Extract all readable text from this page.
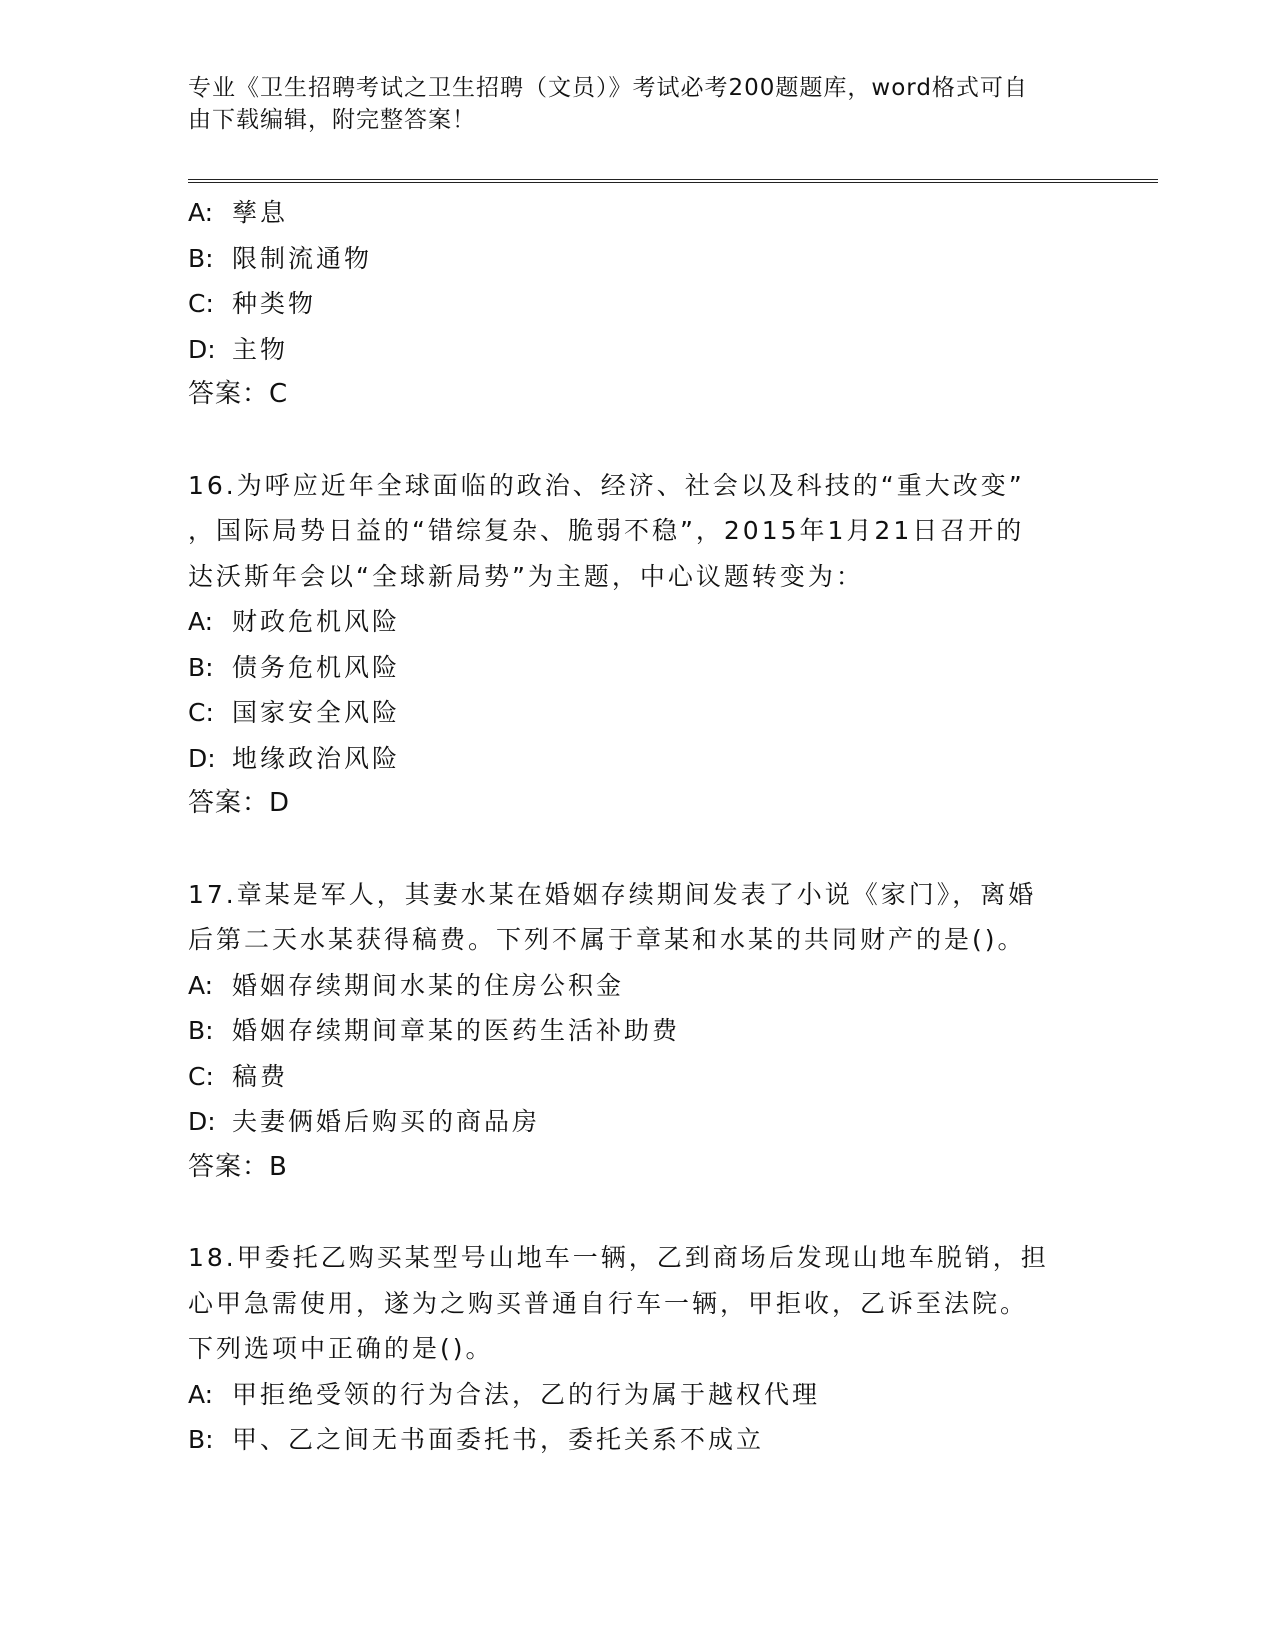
专业《卫生招聘考试之卫生招聘（文员）》考试必考200题题库，word格式可自
由下载编辑，附完整答案！
A: 孳息
B: 限制流通物
C: 种类物
D: 主物
答案：C
16.为呼应近年全球面临的政治、经济、社会以及科技的“重大改变”
，国际局势日益的“错综复杂、脆弱不稳”，2015年1月21日召开的
达沃斯年会以“全球新局势”为主题，中心议题转变为：
A: 财政危机风险
B: 债务危机风险
C: 国家安全风险
D: 地缘政治风险
答案：D
17.章某是军人，其妻水某在婚姻存续期间发表了小说《家门》，离婚
后第二天水某获得稿费。下列不属于章某和水某的共同财产的是()。
A: 婚姻存续期间水某的住房公积金
B: 婚姻存续期间章某的医药生活补助费
C: 稿费
D: 夫妻俩婚后购买的商品房
答案：B
18.甲委托乙购买某型号山地车一辆，乙到商场后发现山地车脱销，担
心甲急需使用，遂为之购买普通自行车一辆，甲拒收，乙诉至法院。
下列选项中正确的是()。
A: 甲拒绝受领的行为合法，乙的行为属于越权代理
B: 甲、乙之间无书面委托书，委托关系不成立
